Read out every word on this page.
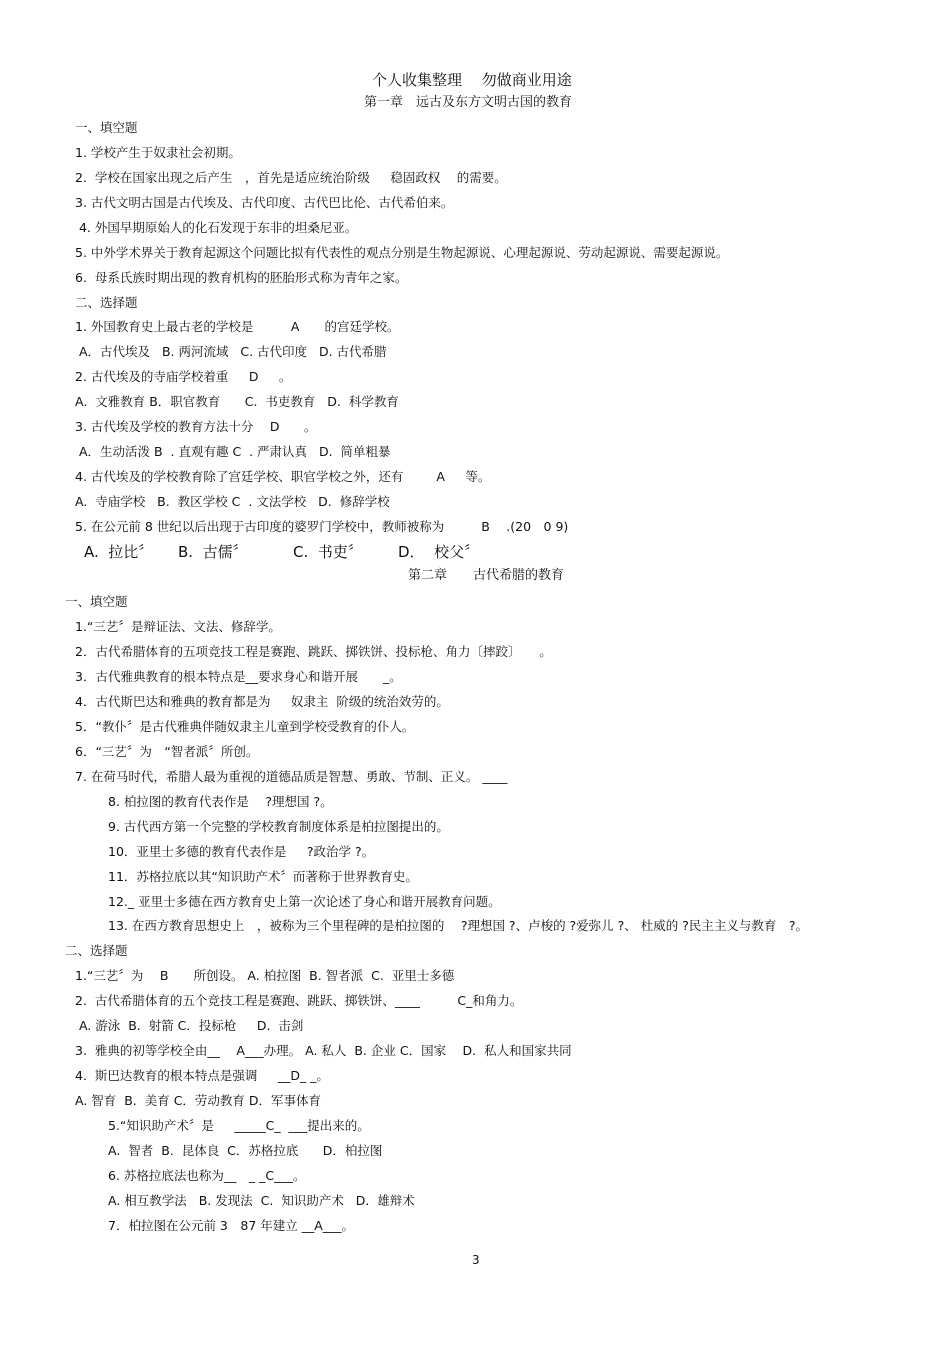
个人收集整理　 勿做商业用途
第一章　远古及东方文明古国的教育
一、填空题
1. 学校产生于奴隶社会初期。
2.  学校在国家出现之后产生　，首先是适应统治阶级　  稳固政权　 的需要。
3. 古代文明古国是古代埃及、古代印度、古代巴比伦、古代希伯来。
4. 外国早期原始人的化石发现于东非的坦桑尼亚。
5. 中外学术界关于教育起源这个问题比拟有代表性的观点分别是生物起源说、心理起源说、劳动起源说、需要起源说。
6.  母系氏族时期出现的教育机构的胚胎形式称为青年之家。
二、选择题
1. 外国教育史上最古老的学校是　　　A　　的宫廷学校。
A．古代埃及   B. 两河流域   C. 古代印度   D. 古代希腊
2. 古代埃及的寺庙学校着重　  D　  。
A.  文雅教育 B．职官教育　   C.  书吏教育   D.  科学教育
3. 古代埃及学校的教育方法十分　 D　   。
A．生动活泼 B  . 直观有趣 C  . 严肃认真   D.  简单粗暴
4. 古代埃及的学校教育除了宫廷学校、职官学校之外，还有　　  A　  等。
A.  寺庙学校   B.  教区学校 C  . 文法学校   D.  修辞学校
5. 在公元前 8 世纪以后出现于古印度的婆罗门学校中，教师被称为　　   B　 .(20　0 9)
A.  拉比〞 B.  古儒〞	C.  书吏〞 D．  校父〞
第二章　　古代希腊的教育
一、填空题
1.“三艺〞是辩证法、文法、修辞学。
2．古代希腊体育的五项竞技工程是赛跑、跳跃、掷铁饼、投标枪、角力〔摔跤〕　　。
3．古代雅典教育的根本特点是__要求身心和谐开展　　_。
4．古代斯巴达和雅典的教育都是为　  奴隶主  阶级的统治效劳的。
5．“教仆〞是古代雅典伴随奴隶主儿童到学校受教育的仆人。
6．“三艺〞为　“智者派〞所创。
7. 在荷马时代，希腊人最为重视的道德品质是智慧、勇敢、节制、正义。 ____
8. 柏拉图的教育代表作是　 ?理想国 ?。
9. 古代西方第一个完整的学校教育制度体系是柏拉图提出的。
10．亚里士多德的教育代表作是　  ?政治学 ?。
11．苏格拉底以其“知识助产术〞而著称于世界教育史。
12._ 亚里士多德在西方教育史上第一次论述了身心和谐开展教育问题。
13. 在西方教育思想史上　，被称为三个里程碑的是柏拉图的　 ?理想国 ?、卢梭的 ?爱弥儿 ?、 杜威的 ?民主主义与教育　?。
二、选择题
1.“三艺〞为　 B　　所创设。 A. 柏拉图  B. 智者派  C.  亚里士多德
2.  古代希腊体育的五个竞技工程是赛跑、跳跃、掷铁饼、____　　　C_和角力。
A. 游泳  B.  射箭 C．投标枪　  D.  击剑
3.  雅典的初等学校全由__　 A___办理。 A. 私人  B. 企业 C．国家　 D.  私人和国家共同
4.  斯巴达教育的根本特点是强调　  __D_ _。
A. 智育  B.  美育 C．劳动教育 D．军事体育
5.“知识助产术〞是　  _____C_  ___提出来的。
A.  智者  B.  昆体良  C．苏格拉底　   D．柏拉图
6. 苏格拉底法也称为__　_ _C___。
A. 相互教学法   B. 发现法  C.  知识助产术   D.  雄辩术
7．柏拉图在公元前 3　87 年建立 __A___。
3
